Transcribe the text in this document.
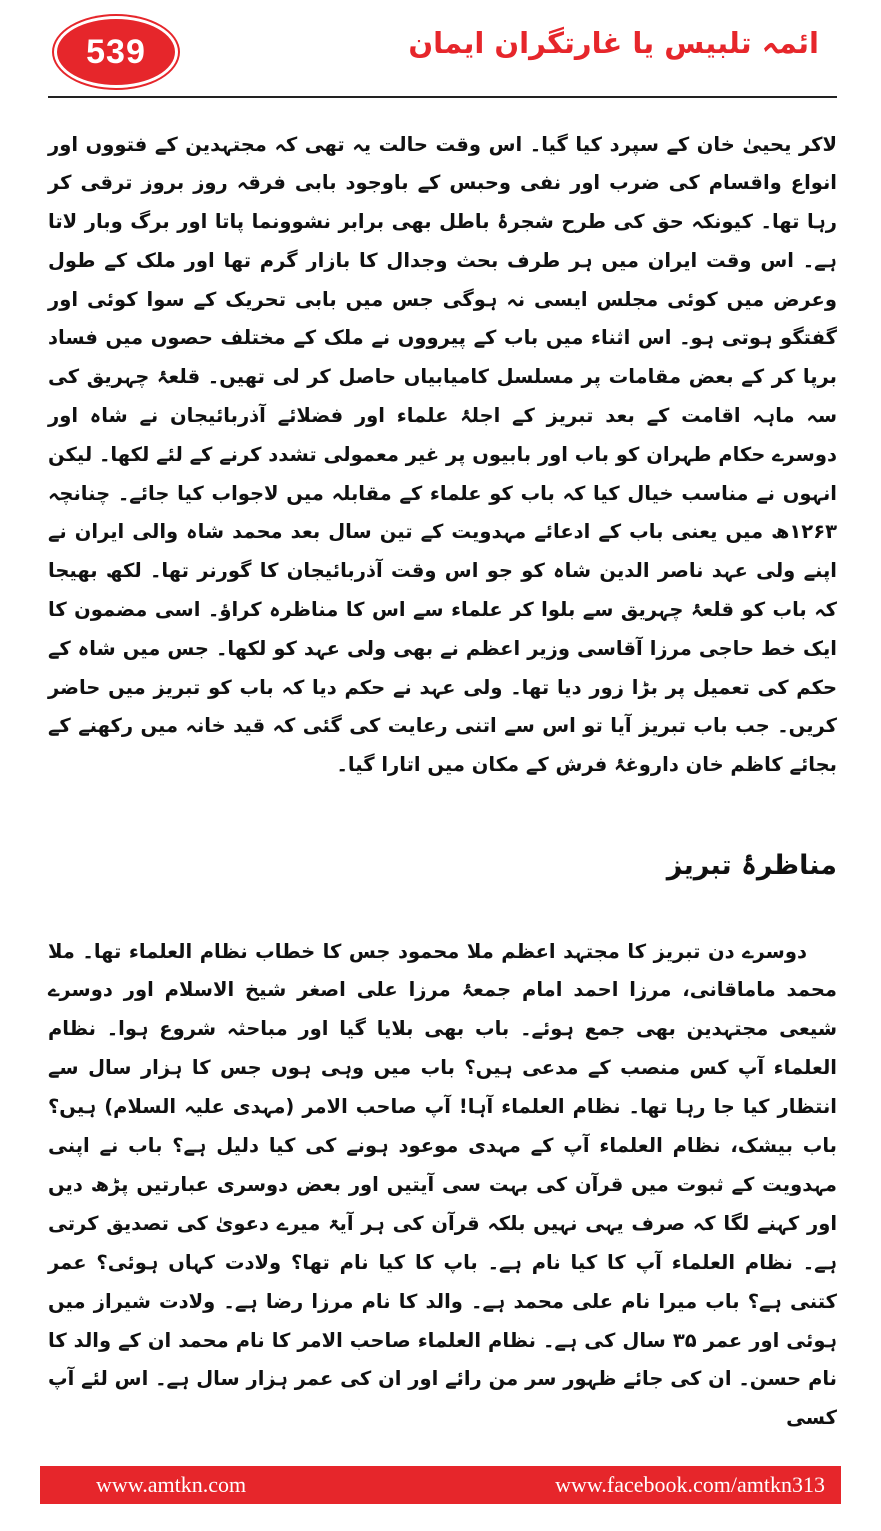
539	ائمہ تلبیس یا غارتگران ایمان

لاکر یحییٰ خان کے سپرد کیا گیا۔ اس وقت حالت یہ تھی کہ مجتہدین کے فتووں اور انواع واقسام کی ضرب اور نفی وحبس کے باوجود بابی فرقہ روز بروز ترقی کر رہا تھا۔ کیونکہ حق کی طرح شجرۂ باطل بھی برابر نشوونما پاتا اور برگ وبار لاتا ہے۔ اس وقت ایران میں ہر طرف بحث وجدال کا بازار گرم تھا اور ملک کے طول وعرض میں کوئی مجلس ایسی نہ ہوگی جس میں بابی تحریک کے سوا کوئی اور گفتگو ہوتی ہو۔ اس اثناء میں باب کے پیرووں نے ملک کے مختلف حصوں میں فساد برپا کر کے بعض مقامات پر مسلسل کامیابیاں حاصل کر لی تھیں۔ قلعۂ چہریق کی سہ ماہہ اقامت کے بعد تبریز کے اجلۂ علماء اور فضلائے آذربائیجان نے شاہ اور دوسرے حکام طہران کو باب اور بابیوں پر غیر معمولی تشدد کرنے کے لئے لکھا۔ لیکن انہوں نے مناسب خیال کیا کہ باب کو علماء کے مقابلہ میں لاجواب کیا جائے۔ چنانچہ ۱۲۶۳ھ میں یعنی باب کے ادعائے مہدویت کے تین سال بعد محمد شاہ والی ایران نے اپنے ولی عہد ناصر الدین شاہ کو جو اس وقت آذربائیجان کا گورنر تھا۔ لکھ بھیجا کہ باب کو قلعۂ چہریق سے بلوا کر علماء سے اس کا مناظرہ کراؤ۔ اسی مضمون کا ایک خط حاجی مرزا آقاسی وزیر اعظم نے بھی ولی عہد کو لکھا۔ جس میں شاہ کے حکم کی تعمیل پر بڑا زور دیا تھا۔ ولی عہد نے حکم دیا کہ باب کو تبریز میں حاضر کریں۔ جب باب تبریز آیا تو اس سے اتنی رعایت کی گئی کہ قید خانہ میں رکھنے کے بجائے کاظم خان داروغۂ فرش کے مکان میں اتارا گیا۔

مناظرۂ تبریز

دوسرے دن تبریز کا مجتہد اعظم ملا محمود جس کا خطاب نظام العلماء تھا۔ ملا محمد ماماقانی، مرزا احمد امام جمعۂ مرزا علی اصغر شیخ الاسلام اور دوسرے شیعی مجتہدین بھی جمع ہوئے۔ باب بھی بلایا گیا اور مباحثہ شروع ہوا۔ نظام العلماء آپ کس منصب کے مدعی ہیں؟ باب میں وہی ہوں جس کا ہزار سال سے انتظار کیا جا رہا تھا۔ نظام العلماء آہا! آپ صاحب الامر (مہدی علیہ السلام) ہیں؟ باب بیشک، نظام العلماء آپ کے مہدی موعود ہونے کی کیا دلیل ہے؟ باب نے اپنی مہدویت کے ثبوت میں قرآن کی بہت سی آیتیں اور بعض دوسری عبارتیں پڑھ دیں اور کہنے لگا کہ صرف یہی نہیں بلکہ قرآن کی ہر آیۃ میرے دعویٰ کی تصدیق کرتی ہے۔ نظام العلماء آپ کا کیا نام ہے۔ باپ کا کیا نام تھا؟ ولادت کہاں ہوئی؟ عمر کتنی ہے؟ باب میرا نام علی محمد ہے۔ والد کا نام مرزا رضا ہے۔ ولادت شیراز میں ہوئی اور عمر ۳۵ سال کی ہے۔ نظام العلماء صاحب الامر کا نام محمد ان کے والد کا نام حسن۔ ان کی جائے ظہور سر من رائے اور ان کی عمر ہزار سال ہے۔ اس لئے آپ کسی

www.amtkn.com	www.facebook.com/amtkn313
